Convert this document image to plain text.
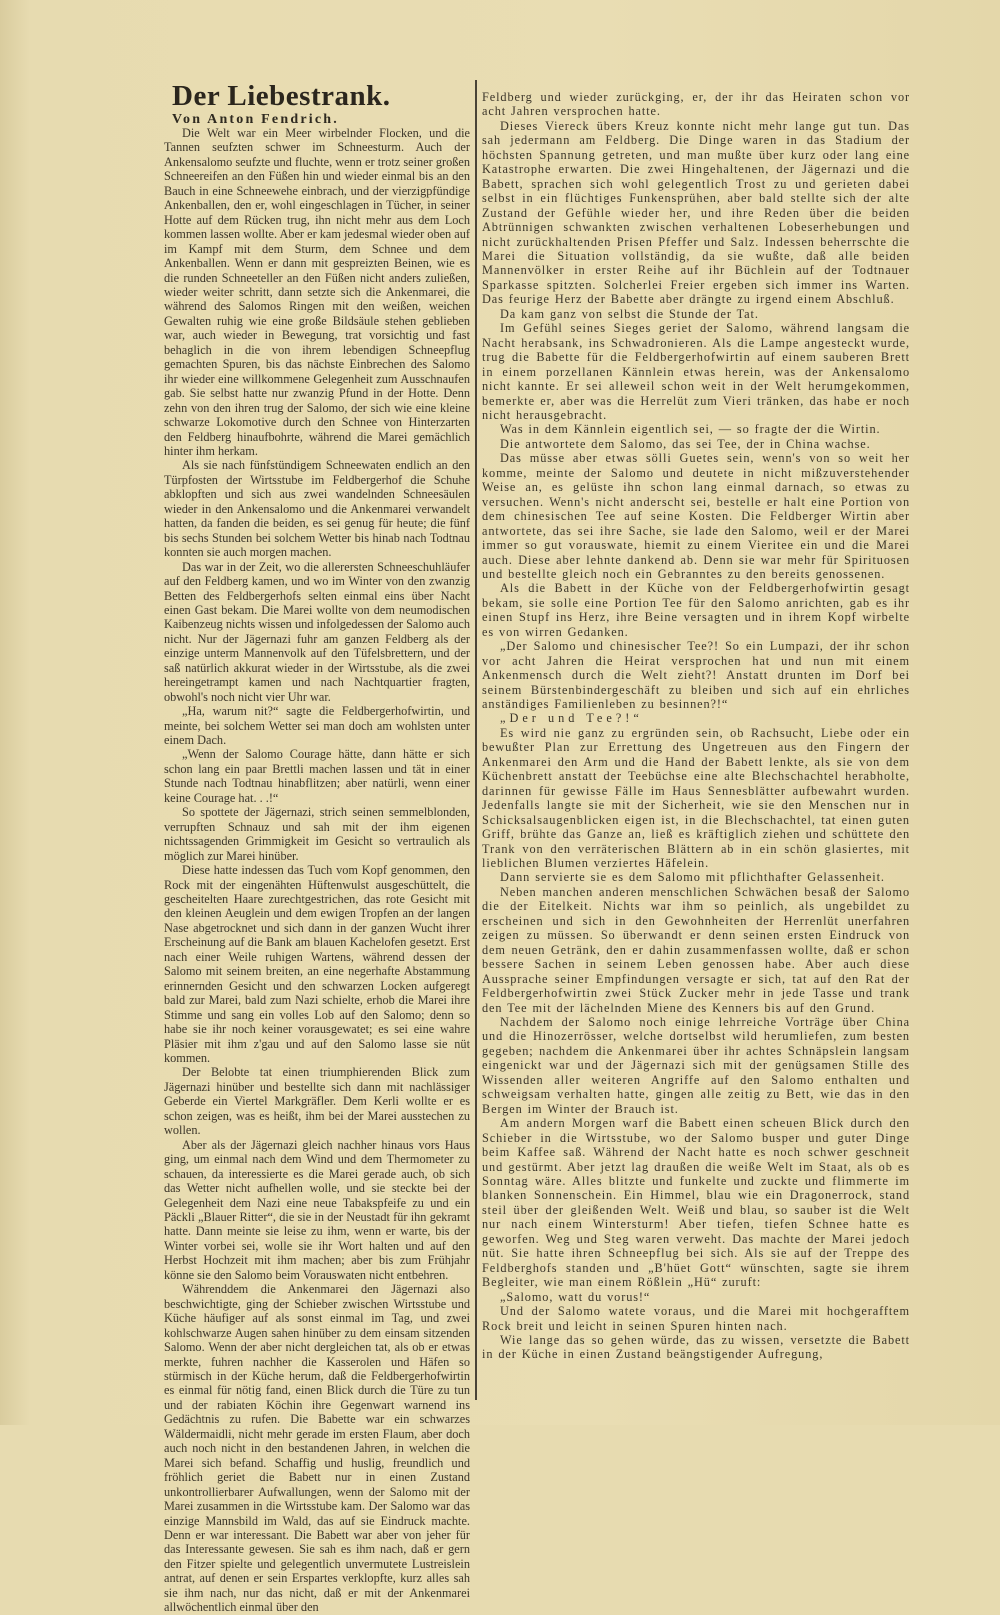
Der Liebestrank.
Von Anton Fendrich.

Die Welt war ein Meer wirbelnder Flocken, und die Tannen seufzten schwer im Schneesturm. Auch der Ankensalomo seufzte und fluchte, wenn er trotz seiner großen Schneereifen an den Füßen hin und wieder einmal bis an den Bauch in eine Schneewehe einbrach, und der vierzigpfündige Ankenballen, den er, wohl eingeschlagen in Tücher, in seiner Hotte auf dem Rücken trug, ihn nicht mehr aus dem Loch kommen lassen wollte. Aber er kam jedesmal wieder oben auf im Kampf mit dem Sturm, dem Schnee und dem Ankenballen. Wenn er dann mit gespreizten Beinen, wie es die runden Schneeteller an den Füßen nicht anders zuließen, wieder weiter schritt, dann setzte sich die Ankenmarei, die während des Salomos Ringen mit den weißen, weichen Gewalten ruhig wie eine große Bildsäule stehen geblieben war, auch wieder in Bewegung, trat vorsichtig und fast behaglich in die von ihrem lebendigen Schneepflug gemachten Spuren, bis das nächste Einbrechen des Salomo ihr wieder eine willkommene Gelegenheit zum Ausschnaufen gab. Sie selbst hatte nur zwanzig Pfund in der Hotte. Denn zehn von den ihren trug der Salomo, der sich wie eine kleine schwarze Lokomotive durch den Schnee von Hinterzarten den Feldberg hinaufbohrte, während die Marei gemächlich hinter ihm herkam.

Als sie nach fünfstündigem Schneewaten endlich an den Türpfosten der Wirtsstube im Feldbergerhof die Schuhe abklopften und sich aus zwei wandelnden Schneesäulen wieder in den Ankensalomo und die Ankenmarei verwandelt hatten, da fanden die beiden, es sei genug für heute; die fünf bis sechs Stunden bei solchem Wetter bis hinab nach Todtnau konnten sie auch morgen machen.

Das war in der Zeit, wo die allerersten Schneeschuhläufer auf den Feldberg kamen, und wo im Winter von den zwanzig Betten des Feldbergerhofs selten einmal eins über Nacht einen Gast bekam. Die Marei wollte von dem neumodischen Kaibenzeug nichts wissen und infolgedessen der Salomo auch nicht. Nur der Jägernazi fuhr am ganzen Feldberg als der einzige unterm Mannenvolk auf den Tüfelsbrettern, und der saß natürlich akkurat wieder in der Wirtsstube, als die zwei hereingetrampt kamen und nach Nachtquartier fragten, obwohl's noch nicht vier Uhr war.

„Ha, warum nit?“ sagte die Feldbergerhofwirtin, und meinte, bei solchem Wetter sei man doch am wohlsten unter einem Dach.

„Wenn der Salomo Courage hätte, dann hätte er sich schon lang ein paar Brettli machen lassen und tät in einer Stunde nach Todtnau hinabflitzen; aber natürli, wenn einer keine Courage hat. . .!“

So spottete der Jägernazi, strich seinen semmelblonden, verrupften Schnauz und sah mit der ihm eigenen nichtssagenden Grimmigkeit im Gesicht so vertraulich als möglich zur Marei hinüber.

Diese hatte indessen das Tuch vom Kopf genommen, den Rock mit der eingenähten Hüftenwulst ausgeschüttelt, die gescheitelten Haare zurechtgestrichen, das rote Gesicht mit den kleinen Aeuglein und dem ewigen Tropfen an der langen Nase abgetrocknet und sich dann in der ganzen Wucht ihrer Erscheinung auf die Bank am blauen Kachelofen gesetzt. Erst nach einer Weile ruhigen Wartens, während dessen der Salomo mit seinem breiten, an eine negerhafte Abstammung erinnernden Gesicht und den schwarzen Locken aufgeregt bald zur Marei, bald zum Nazi schielte, erhob die Marei ihre Stimme und sang ein volles Lob auf den Salomo; denn so habe sie ihr noch keiner vorausgewatet; es sei eine wahre Pläsier mit ihm z'gau und auf den Salomo lasse sie nüt kommen.

Der Belobte tat einen triumphierenden Blick zum Jägernazi hinüber und bestellte sich dann mit nachlässiger Geberde ein Viertel Markgräfler. Dem Kerli wollte er es schon zeigen, was es heißt, ihm bei der Marei ausstechen zu wollen.

Aber als der Jägernazi gleich nachher hinaus vors Haus ging, um einmal nach dem Wind und dem Thermometer zu schauen, da interessierte es die Marei gerade auch, ob sich das Wetter nicht aufhellen wolle, und sie steckte bei der Gelegenheit dem Nazi eine neue Tabakspfeife zu und ein Päckli „Blauer Ritter“, die sie in der Neustadt für ihn gekramt hatte. Dann meinte sie leise zu ihm, wenn er warte, bis der Winter vorbei sei, wolle sie ihr Wort halten und auf den Herbst Hochzeit mit ihm machen; aber bis zum Frühjahr könne sie den Salomo beim Vorauswaten nicht entbehren.

Währenddem die Ankenmarei den Jägernazi also beschwichtigte, ging der Schieber zwischen Wirtsstube und Küche häufiger auf als sonst einmal im Tag, und zwei kohlschwarze Augen sahen hinüber zu dem einsam sitzenden Salomo. Wenn der aber nicht dergleichen tat, als ob er etwas merkte, fuhren nachher die Kasserolen und Häfen so stürmisch in der Küche herum, daß die Feldbergerhofwirtin es einmal für nötig fand, einen Blick durch die Türe zu tun und der rabiaten Köchin ihre Gegenwart warnend ins Gedächtnis zu rufen. Die Babette war ein schwarzes Wäldermaidli, nicht mehr gerade im ersten Flaum, aber doch auch noch nicht in den bestandenen Jahren, in welchen die Marei sich befand. Schaffig und huslig, freundlich und fröhlich geriet die Babett nur in einen Zustand unkontrollierbarer Aufwallungen, wenn der Salomo mit der Marei zusammen in die Wirtsstube kam. Der Salomo war das einzige Mannsbild im Wald, das auf sie Eindruck machte. Denn er war interessant. Die Babett war aber von jeher für das Interessante gewesen. Sie sah es ihm nach, daß er gern den Fitzer spielte und gelegentlich unvermutete Lustreislein antrat, auf denen er sein Erspartes verklopfte, kurz alles sah sie ihm nach, nur das nicht, daß er mit der Ankenmarei allwöchentlich einmal über den

Feldberg und wieder zurückging, er, der ihr das Heiraten schon vor acht Jahren versprochen hatte.

Dieses Viereck übers Kreuz konnte nicht mehr lange gut tun. Das sah jedermann am Feldberg. Die Dinge waren in das Stadium der höchsten Spannung getreten, und man mußte über kurz oder lang eine Katastrophe erwarten. Die zwei Hingehaltenen, der Jägernazi und die Babett, sprachen sich wohl gelegentlich Trost zu und gerieten dabei selbst in ein flüchtiges Funkensprühen, aber bald stellte sich der alte Zustand der Gefühle wieder her, und ihre Reden über die beiden Abtrünnigen schwankten zwischen verhaltenen Lobeserhebungen und nicht zurückhaltenden Prisen Pfeffer und Salz. Indessen beherrschte die Marei die Situation vollständig, da sie wußte, daß alle beiden Mannenvölker in erster Reihe auf ihr Büchlein auf der Todtnauer Sparkasse spitzten. Solcherlei Freier ergeben sich immer ins Warten. Das feurige Herz der Babette aber drängte zu irgend einem Abschluß.

Da kam ganz von selbst die Stunde der Tat.

Im Gefühl seines Sieges geriet der Salomo, während langsam die Nacht herabsank, ins Schwadronieren. Als die Lampe angesteckt wurde, trug die Babette für die Feldbergerhofwirtin auf einem sauberen Brett in einem porzellanen Kännlein etwas herein, was der Ankensalomo nicht kannte. Er sei alleweil schon weit in der Welt herumgekommen, bemerkte er, aber was die Herrelüt zum Vieri tränken, das habe er noch nicht herausgebracht.

Was in dem Kännlein eigentlich sei, — so fragte der die Wirtin.

Die antwortete dem Salomo, das sei Tee, der in China wachse.

Das müsse aber etwas sölli Guetes sein, wenn's von so weit her komme, meinte der Salomo und deutete in nicht mißzuverstehender Weise an, es gelüste ihn schon lang einmal darnach, so etwas zu versuchen. Wenn's nicht anderscht sei, bestelle er halt eine Portion von dem chinesischen Tee auf seine Kosten. Die Feldberger Wirtin aber antwortete, das sei ihre Sache, sie lade den Salomo, weil er der Marei immer so gut vorauswate, hiemit zu einem Vieritee ein und die Marei auch. Diese aber lehnte dankend ab. Denn sie war mehr für Spirituosen und bestellte gleich noch ein Gebranntes zu den bereits genossenen.

Als die Babett in der Küche von der Feldbergerhofwirtin gesagt bekam, sie solle eine Portion Tee für den Salomo anrichten, gab es ihr einen Stupf ins Herz, ihre Beine versagten und in ihrem Kopf wirbelte es von wirren Gedanken.

„Der Salomo und chinesischer Tee?! So ein Lumpazi, der ihr schon vor acht Jahren die Heirat versprochen hat und nun mit einem Ankenmensch durch die Welt zieht?! Anstatt drunten im Dorf bei seinem Bürstenbindergeschäft zu bleiben und sich auf ein ehrliches anständiges Familienleben zu besinnen?!“

„Der und Tee?!“

Es wird nie ganz zu ergründen sein, ob Rachsucht, Liebe oder ein bewußter Plan zur Errettung des Ungetreuen aus den Fingern der Ankenmarei den Arm und die Hand der Babett lenkte, als sie von dem Küchenbrett anstatt der Teebüchse eine alte Blechschachtel herabholte, darinnen für gewisse Fälle im Haus Sennesblätter aufbewahrt wurden. Jedenfalls langte sie mit der Sicherheit, wie sie den Menschen nur in Schicksalsaugenblicken eigen ist, in die Blechschachtel, tat einen guten Griff, brühte das Ganze an, ließ es kräftiglich ziehen und schüttete den Trank von den verräterischen Blättern ab in ein schön glasiertes, mit lieblichen Blumen verziertes Häfelein.

Dann servierte sie es dem Salomo mit pflichthafter Gelassenheit.

Neben manchen anderen menschlichen Schwächen besaß der Salomo die der Eitelkeit. Nichts war ihm so peinlich, als ungebildet zu erscheinen und sich in den Gewohnheiten der Herrenlüt unerfahren zeigen zu müssen. So überwandt er denn seinen ersten Eindruck von dem neuen Getränk, den er dahin zusammenfassen wollte, daß er schon bessere Sachen in seinem Leben genossen habe. Aber auch diese Aussprache seiner Empfindungen versagte er sich, tat auf den Rat der Feldbergerhofwirtin zwei Stück Zucker mehr in jede Tasse und trank den Tee mit der lächelnden Miene des Kenners bis auf den Grund.

Nachdem der Salomo noch einige lehrreiche Vorträge über China und die Hinozerrösser, welche dortselbst wild herumliefen, zum besten gegeben; nachdem die Ankenmarei über ihr achtes Schnäpslein langsam eingenickt war und der Jägernazi sich mit der genügsamen Stille des Wissenden aller weiteren Angriffe auf den Salomo enthalten und schweigsam verhalten hatte, gingen alle zeitig zu Bett, wie das in den Bergen im Winter der Brauch ist.

Am andern Morgen warf die Babett einen scheuen Blick durch den Schieber in die Wirtsstube, wo der Salomo busper und guter Dinge beim Kaffee saß. Während der Nacht hatte es noch schwer geschneit und gestürmt. Aber jetzt lag draußen die weiße Welt im Staat, als ob es Sonntag wäre. Alles blitzte und funkelte und zuckte und flimmerte im blanken Sonnenschein. Ein Himmel, blau wie ein Dragonerrock, stand steil über der gleißenden Welt. Weiß und blau, so sauber ist die Welt nur nach einem Wintersturm! Aber tiefen, tiefen Schnee hatte es geworfen. Weg und Steg waren verweht. Das machte der Marei jedoch nüt. Sie hatte ihren Schneepflug bei sich. Als sie auf der Treppe des Feldberghofs standen und „B'hüet Gott“ wünschten, sagte sie ihrem Begleiter, wie man einem Rößlein „Hü“ zuruft:

„Salomo, watt du vorus!“

Und der Salomo watete voraus, und die Marei mit hochgerafftem Rock breit und leicht in seinen Spuren hinten nach.

Wie lange das so gehen würde, das zu wissen, versetzte die Babett in der Küche in einen Zustand beängstigender Aufregung,
